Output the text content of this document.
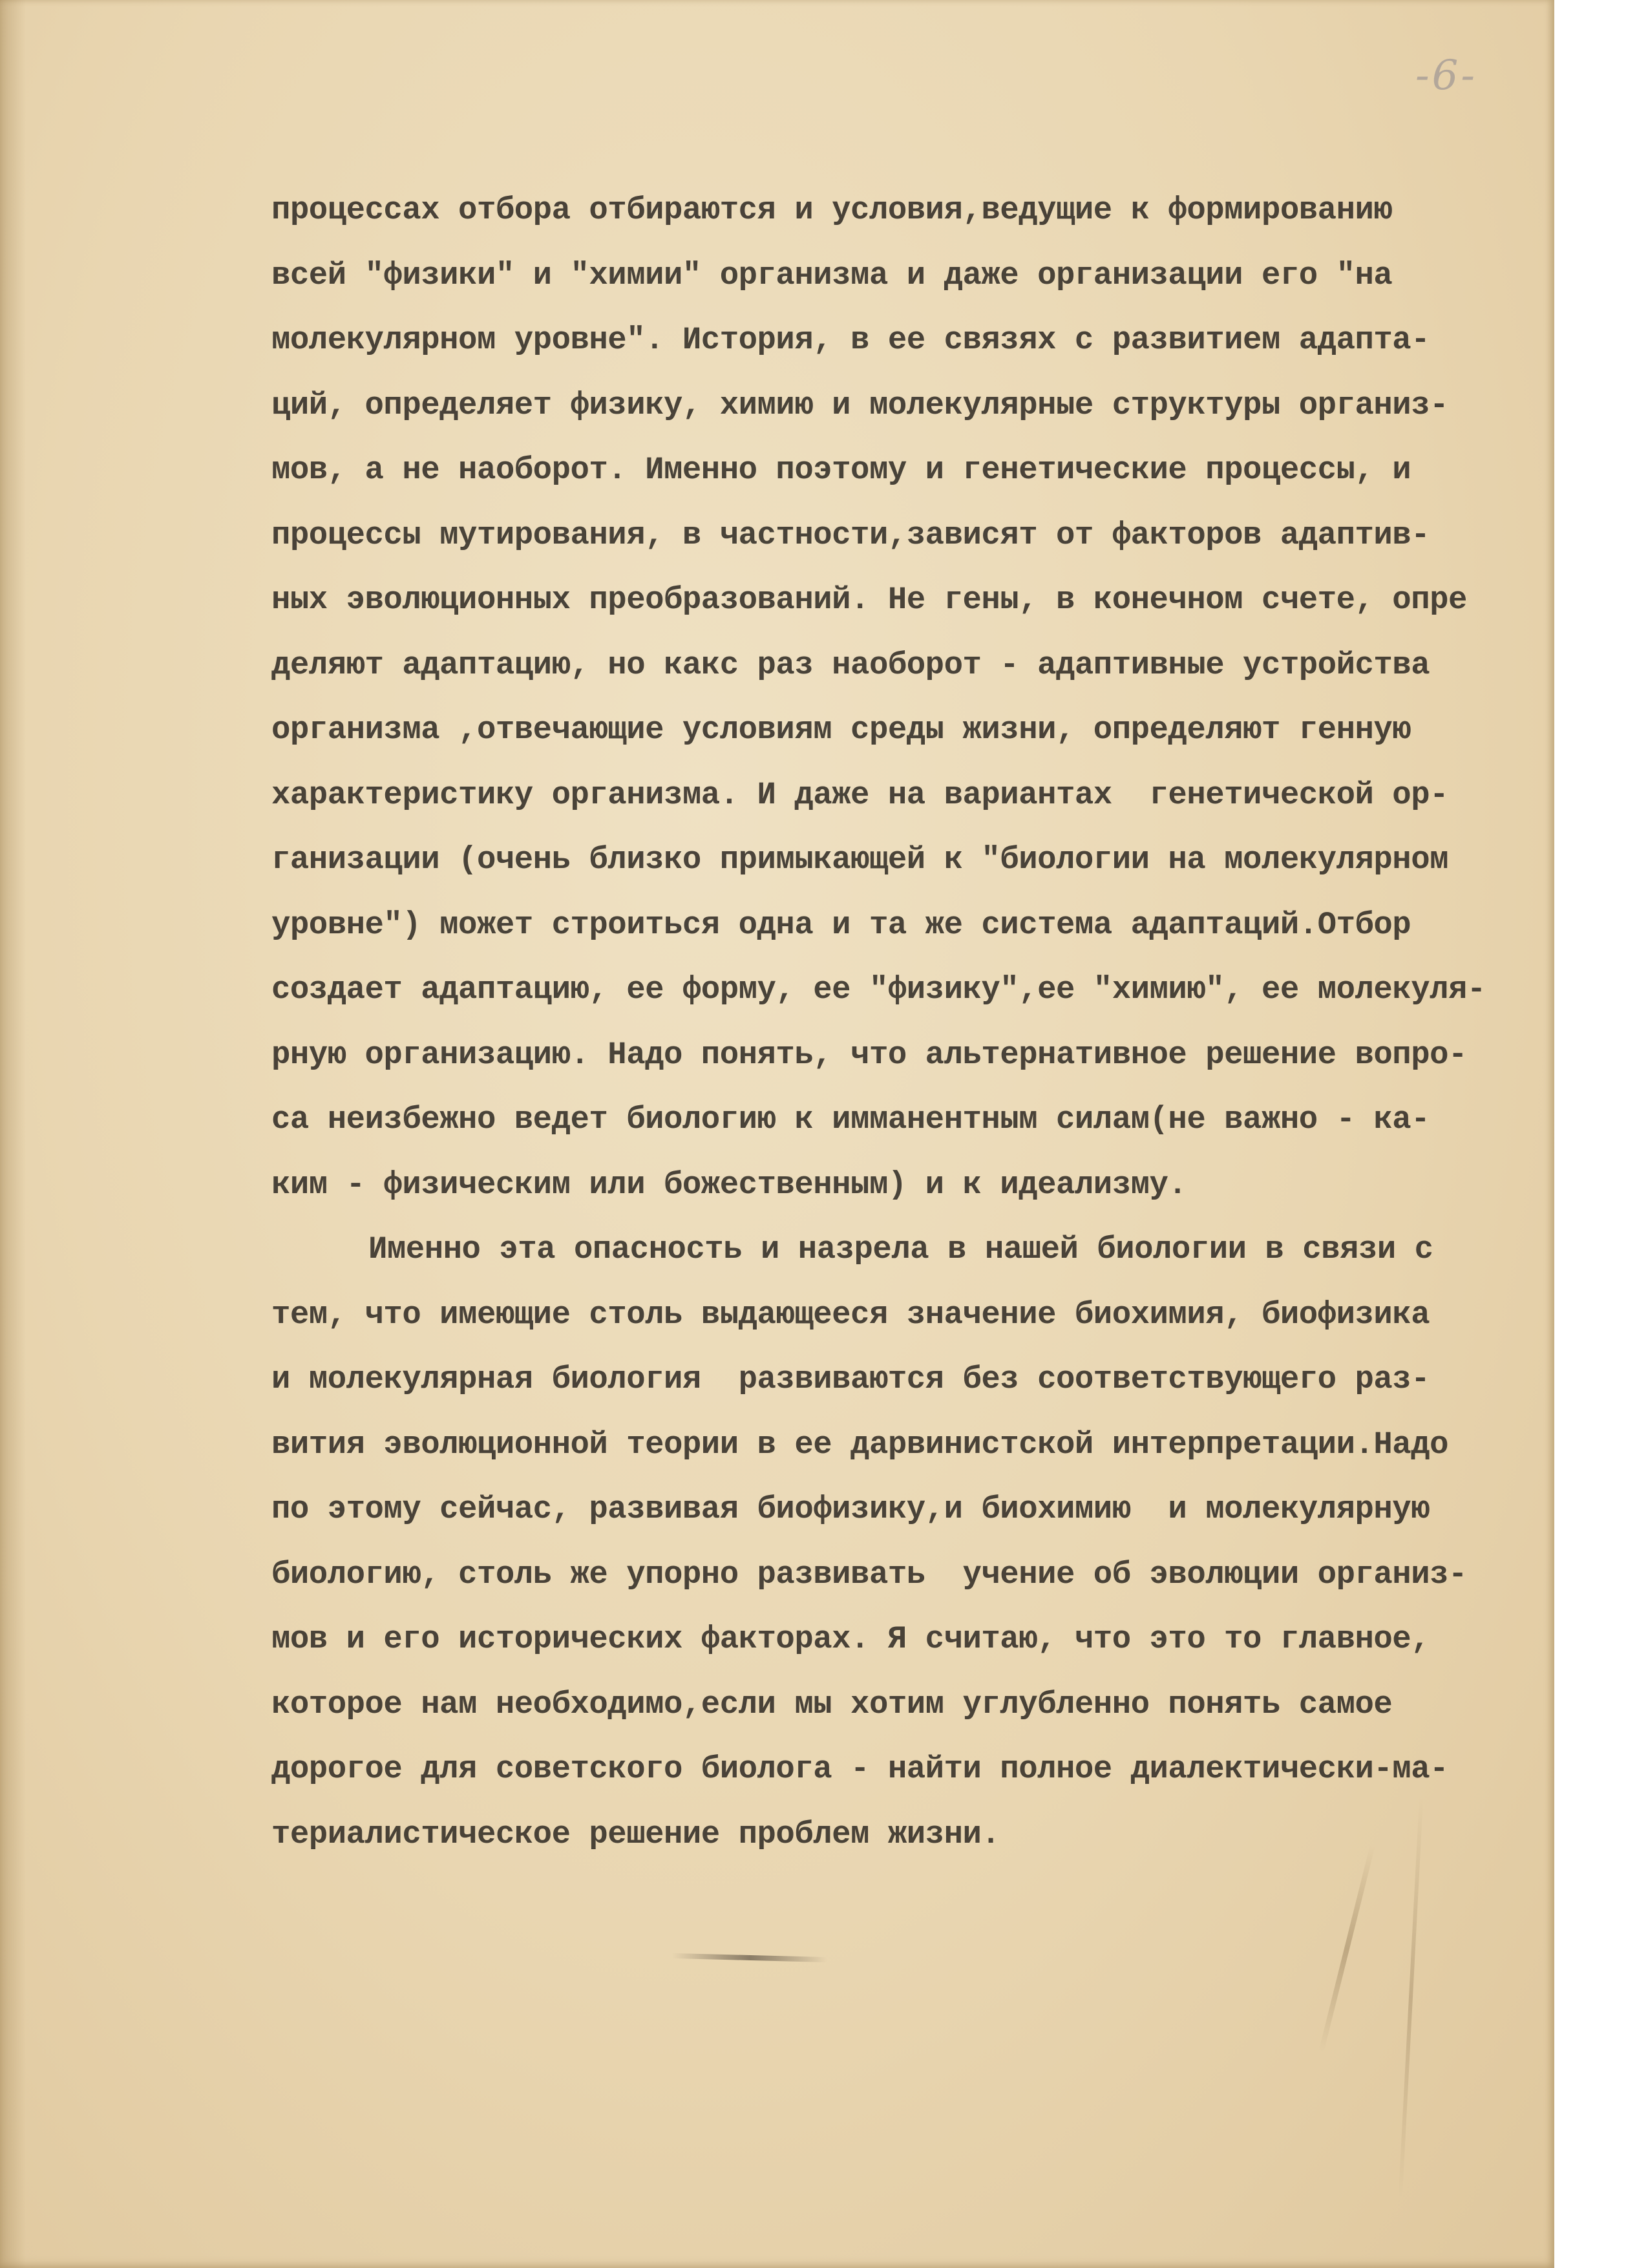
-6-
процессах отбора отбираются и условия,ведущие к формированию
всей "физики" и "химии" организма и даже организации его "на
молекулярном уровне". История, в ее связях с развитием адапта-
ций, определяет физику, химию и молекулярные структуры организ-
мов, а не наоборот. Именно поэтому и генетические процессы, и
процессы мутирования, в частности,зависят от факторов адаптив-
ных эволюционных преобразований. Не гены, в конечном счете, опре
деляют адаптацию, но какс раз наоборот - адаптивные устройства
организма ,отвечающие условиям среды жизни, определяют генную
характеристику организма. И даже на вариантах  генетической ор-
ганизации (очень близко примыкающей к "биологии на молекулярном
уровне") может строиться одна и та же система адаптаций.Отбор
создает адаптацию, ее форму, ее "физику",ее "химию", ее молекуля-
рную организацию. Надо понять, что альтернативное решение вопро-
са неизбежно ведет биологию к имманентным силам(не важно - ка-
ким - физическим или божественным) и к идеализму.
Именно эта опасность и назрела в нашей биологии в связи с
тем, что имеющие столь выдающееся значение биохимия, биофизика
и молекулярная биология  развиваются без соответствующего раз-
вития эволюционной теории в ее дарвинистской интерпретации.Надо
по этому сейчас, развивая биофизику,и биохимию  и молекулярную
биологию, столь же упорно развивать  учение об эволюции организ-
мов и его исторических факторах. Я считаю, что это то главное,
которое нам необходимо,если мы хотим углубленно понять самое
дорогое для советского биолога - найти полное диалектически-ма-
териалистическое решение проблем жизни.
